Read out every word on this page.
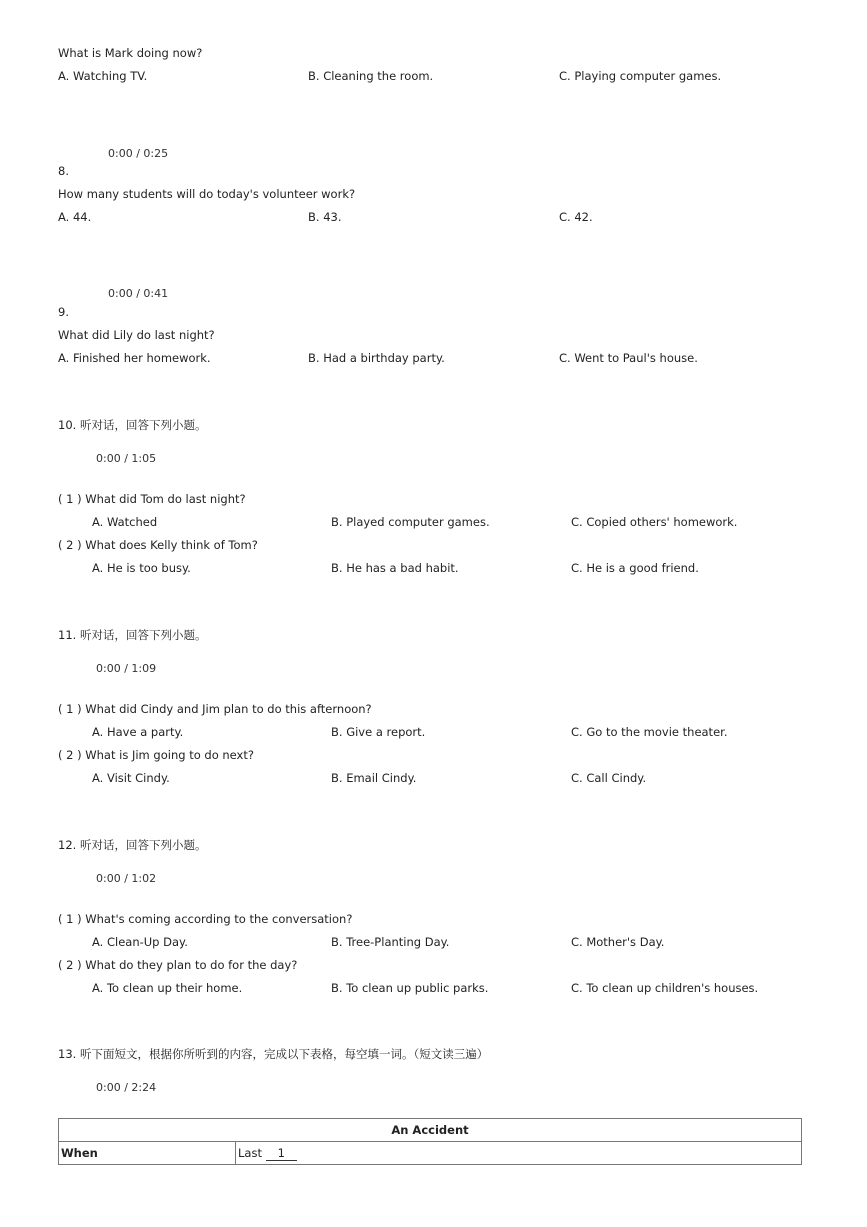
What is Mark doing now?
A. Watching TV.	B. Cleaning the room.	C. Playing computer games.
0:00 / 0:25
8.
How many students will do today's volunteer work?
A. 44.	B. 43.	C. 42.
0:00 / 0:41
9.
What did Lily do last night?
A. Finished her homework.	B. Had a birthday party.	C. Went to Paul's house.
10. 听对话，回答下列小题。
0:00 / 1:05
( 1 ) What did Tom do last night?
A. Watched	B. Played computer games.	C. Copied others' homework.
( 2 ) What does Kelly think of Tom?
A. He is too busy.	B. He has a bad habit.	C. He is a good friend.
11. 听对话，回答下列小题。
0:00 / 1:09
( 1 ) What did Cindy and Jim plan to do this afternoon?
A. Have a party.	B. Give a report.	C. Go to the movie theater.
( 2 ) What is Jim going to do next?
A. Visit Cindy.	B. Email Cindy.	C. Call Cindy.
12. 听对话，回答下列小题。
0:00 / 1:02
( 1 ) What's coming according to the conversation?
A. Clean-Up Day.	B. Tree-Planting Day.	C. Mother's Day.
( 2 ) What do they plan to do for the day?
A. To clean up their home.	B. To clean up public parks.	C. To clean up children's houses.
13. 听下面短文，根据你所听到的内容，完成以下表格，每空填一词。（短文读三遍）
0:00 / 2:24
An Accident
When	Last 1
